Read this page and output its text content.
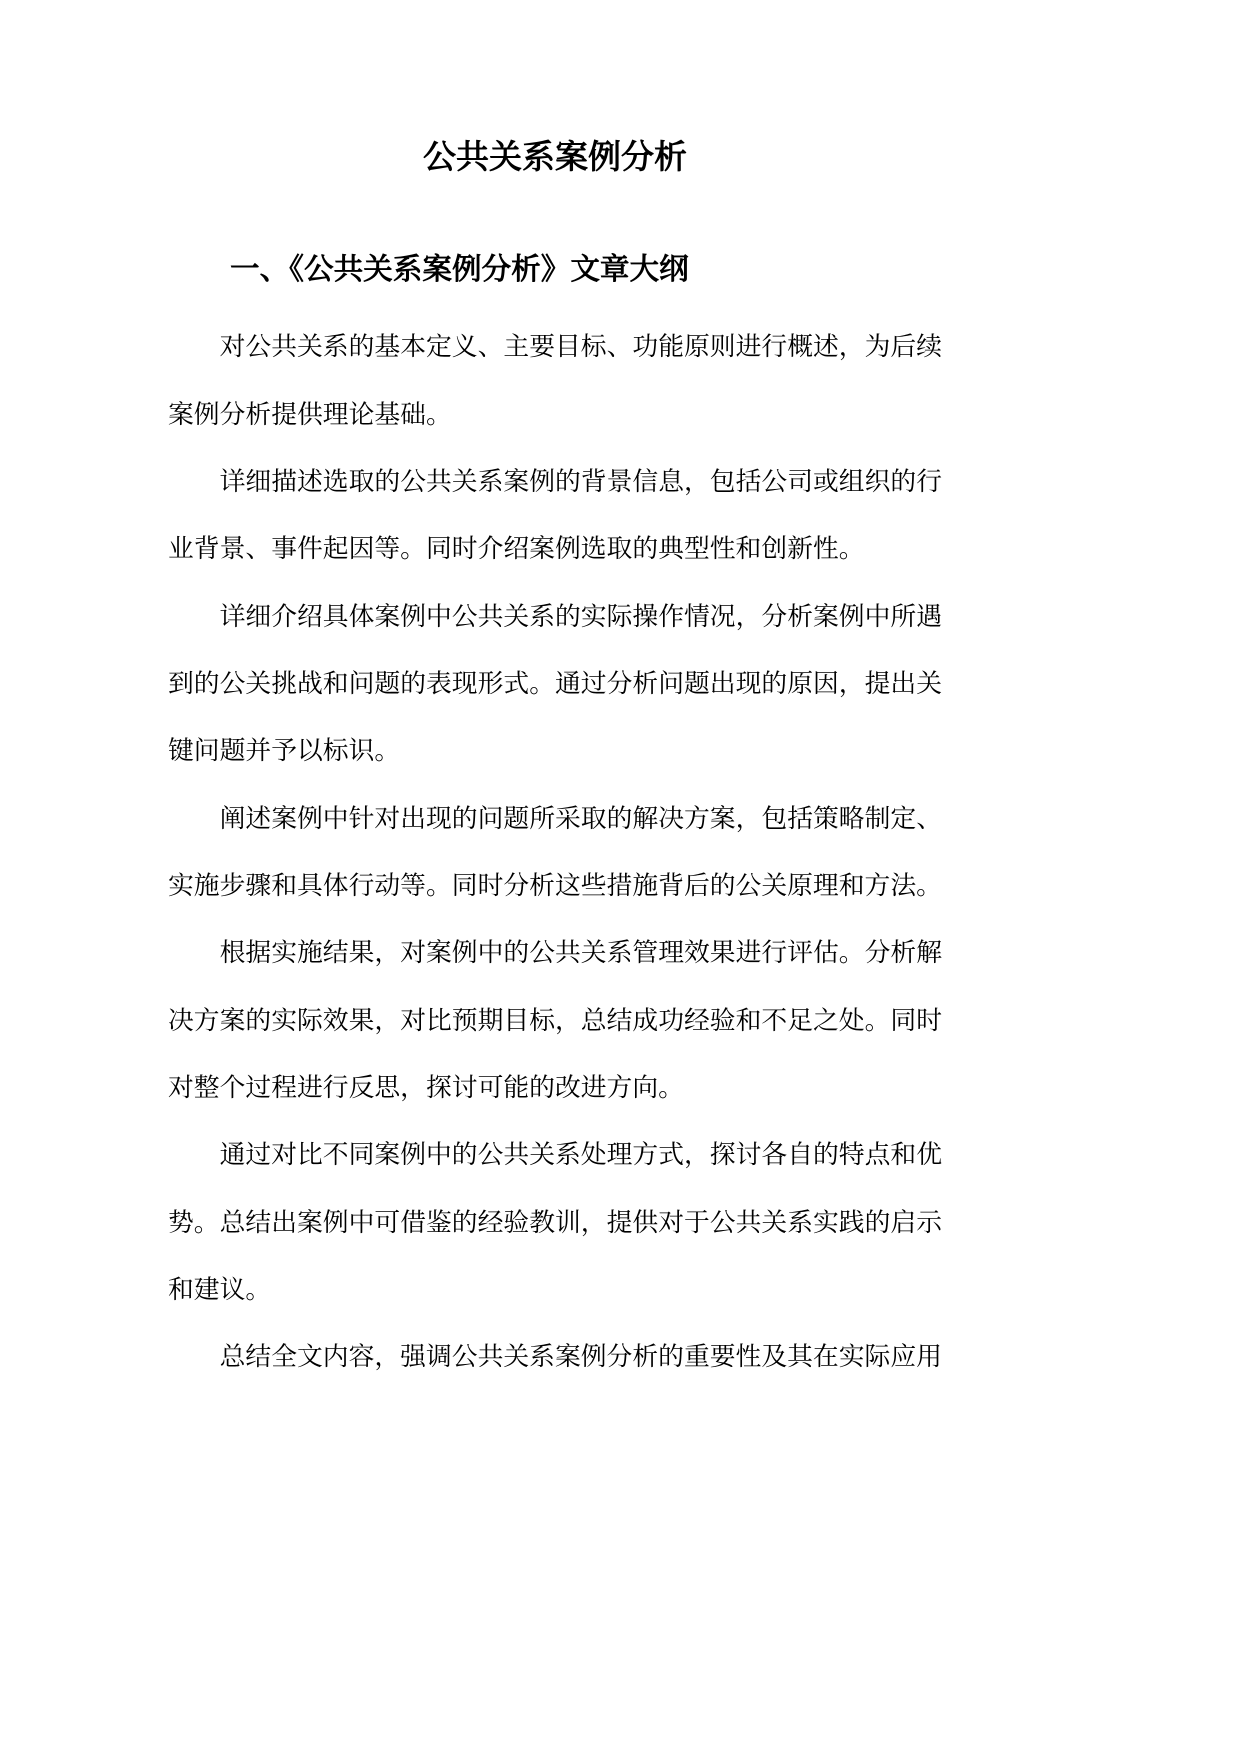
公共关系案例分析
一、《公共关系案例分析》文章大纲
对公共关系的基本定义、主要目标、功能原则进行概述，为后续
案例分析提供理论基础。
详细描述选取的公共关系案例的背景信息，包括公司或组织的行
业背景、事件起因等。同时介绍案例选取的典型性和创新性。
详细介绍具体案例中公共关系的实际操作情况，分析案例中所遇
到的公关挑战和问题的表现形式。通过分析问题出现的原因，提出关
键问题并予以标识。
阐述案例中针对出现的问题所采取的解决方案，包括策略制定、
实施步骤和具体行动等。同时分析这些措施背后的公关原理和方法。
根据实施结果，对案例中的公共关系管理效果进行评估。分析解
决方案的实际效果，对比预期目标，总结成功经验和不足之处。同时
对整个过程进行反思，探讨可能的改进方向。
通过对比不同案例中的公共关系处理方式，探讨各自的特点和优
势。总结出案例中可借鉴的经验教训，提供对于公共关系实践的启示
和建议。
总结全文内容，强调公共关系案例分析的重要性及其在实际应用
